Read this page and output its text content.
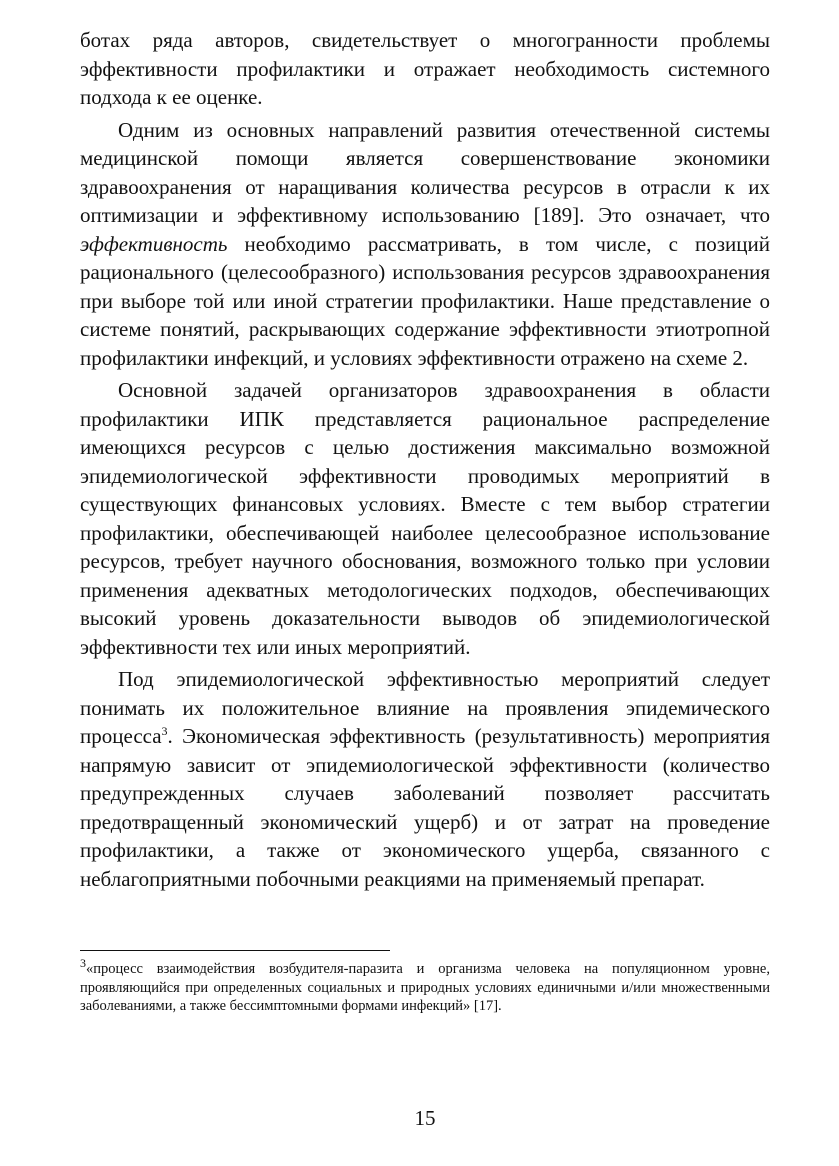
ботах ряда авторов, свидетельствует о многогранности проблемы эффективности профилактики и отражает необходимость системного подхода к ее оценке.

Одним из основных направлений развития отечественной системы медицинской помощи является совершенствование экономики здравоохранения от наращивания количества ресурсов в отрасли к их оптимизации и эффективному использованию [189]. Это означает, что эффективность необходимо рассматривать, в том числе, с позиций рационального (целесообразного) использования ресурсов здравоохранения при выборе той или иной стратегии профилактики. Наше представление о системе понятий, раскрывающих содержание эффективности этиотропной профилактики инфекций, и условиях эффективности отражено на схеме 2.

Основной задачей организаторов здравоохранения в области профилактики ИПК представляется рациональное распределение имеющихся ресурсов с целью достижения максимально возможной эпидемиологической эффективности проводимых мероприятий в существующих финансовых условиях. Вместе с тем выбор стратегии профилактики, обеспечивающей наиболее целесообразное использование ресурсов, требует научного обоснования, возможного только при условии применения адекватных методологических подходов, обеспечивающих высокий уровень доказательности выводов об эпидемиологической эффективности тех или иных мероприятий.

Под эпидемиологической эффективностью мероприятий следует понимать их положительное влияние на проявления эпидемического процесса$^3$. Экономическая эффективность (результативность) мероприятия напрямую зависит от эпидемиологической эффективности (количество предупрежденных случаев заболеваний позволяет рассчитать предотвращенный экономический ущерб) и от затрат на проведение профилактики, а также от экономического ущерба, связанного с неблагоприятными побочными реакциями на применяемый препарат.

$^3$«процесс взаимодействия возбудителя-паразита и организма человека на популяционном уровне, проявляющийся при определенных социальных и природных условиях единичными и/или множественными заболеваниями, а также бессимптомными формами инфекций» [17].

15
